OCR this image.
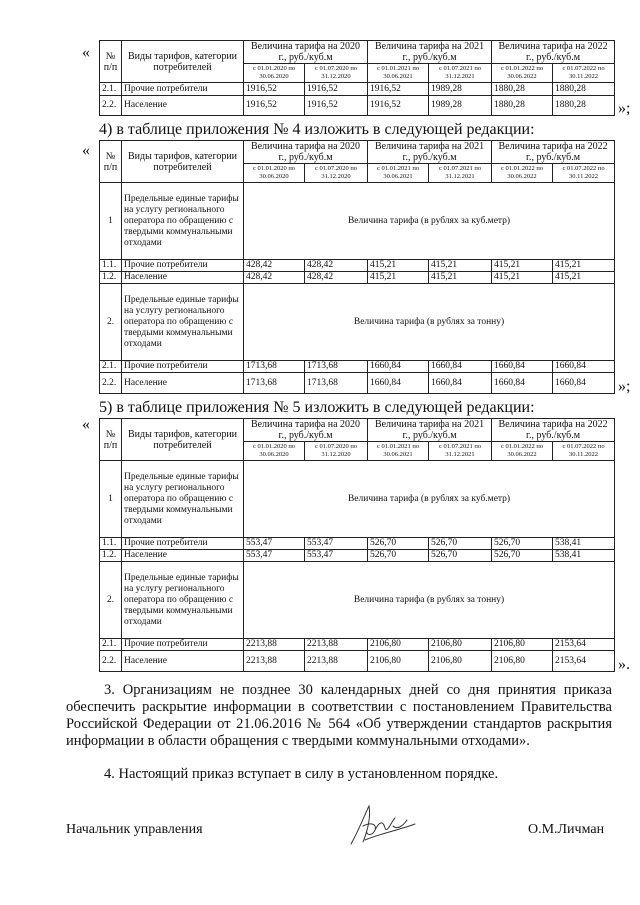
« № п/п	Виды тарифов, категории потребителей	Величина тарифа на 2020 г., руб./куб.м		Величина тарифа на 2021 г., руб./куб.м		Величина тарифа на 2022 г., руб./куб.м	
		с 01.01.2020 по 30.06.2020	с 01.07.2020 по 31.12.2020	с 01.01.2021 по 30.06.2021	с 01.07.2021 по 31.12.2021	с 01.01.2022 по 30.06.2022	с 01.07.2022 по 30.11.2022
2.1.	Прочие потребители	1916,52	1916,52	1916,52	1989,28	1880,28	1880,28
2.2.	Население	1916,52	1916,52	1916,52	1989,28	1880,28	1880,28 »;
4) в таблице приложения № 4 изложить в следующей редакции:
« № п/п	Виды тарифов, категории потребителей	Величина тарифа на 2020 г., руб./куб.м		Величина тарифа на 2021 г., руб./куб.м		Величина тарифа на 2022 г., руб./куб.м	
		с 01.01.2020 по 30.06.2020	с 01.07.2020 по 31.12.2020	с 01.01.2021 по 30.06.2021	с 01.07.2021 по 31.12.2021	с 01.01.2022 по 30.06.2022	с 01.07.2022 по 30.11.2022
1	Предельные единые тарифы на услугу регионального оператора по обращению с твердыми коммунальными отходами	Величина тарифа (в рублях за куб.метр)					
1.1.	Прочие потребители	428,42	428,42	415,21	415,21	415,21	415,21
1.2.	Население	428,42	428,42	415,21	415,21	415,21	415,21
2.	Предельные единые тарифы на услугу регионального оператора по обращению с твердыми коммунальными отходами	Величина тарифа (в рублях за тонну)					
2.1.	Прочие потребители	1713,68	1713,68	1660,84	1660,84	1660,84	1660,84
2.2.	Население	1713,68	1713,68	1660,84	1660,84	1660,84	1660,84 »;
5) в таблице приложения № 5 изложить в следующей редакции:
«
№ п/п	Виды тарифов, категории потребителей	Величина тарифа на 2020 г., руб./куб.м		Величина тарифа на 2021 г., руб./куб.м		Величина тарифа на 2022 г., руб./куб.м	
		с 01.01.2020 по 30.06.2020	с 01.07.2020 по 31.12.2020	с 01.01.2021 по 30.06.2021	с 01.07.2021 по 31.12.2021	с 01.01.2022 по 30.06.2022	с 01.07.2022 по 30.11.2022
1	Предельные единые тарифы на услугу регионального оператора по обращению с твердыми коммунальными отходами	Величина тарифа (в рублях за куб.метр)					
1.1.	Прочие потребители	553,47	553,47	526,70	526,70	526,70	538,41
1.2.	Население	553,47	553,47	526,70	526,70	526,70	538,41
2.	Предельные единые тарифы на услугу регионального оператора по обращению с твердыми коммунальными отходами	Величина тарифа (в рублях за тонну)					
2.1.	Прочие потребители	2213,88	2213,88	2106,80	2106,80	2106,80	2153,64
2.2.	Население	2213,88	2213,88	2106,80	2106,80	2106,80	2153,64 ».
3. Организациям не позднее 30 календарных дней со дня принятия приказа обеспечить раскрытие информации в соответствии с постановлением Правительства Российской Федерации от 21.06.2016 № 564 «Об утверждении стандартов раскрытия информации в области обращения с твердыми коммунальными отходами».
4. Настоящий приказ вступает в силу в установленном порядке.
Начальник управления	О.М.Личман
